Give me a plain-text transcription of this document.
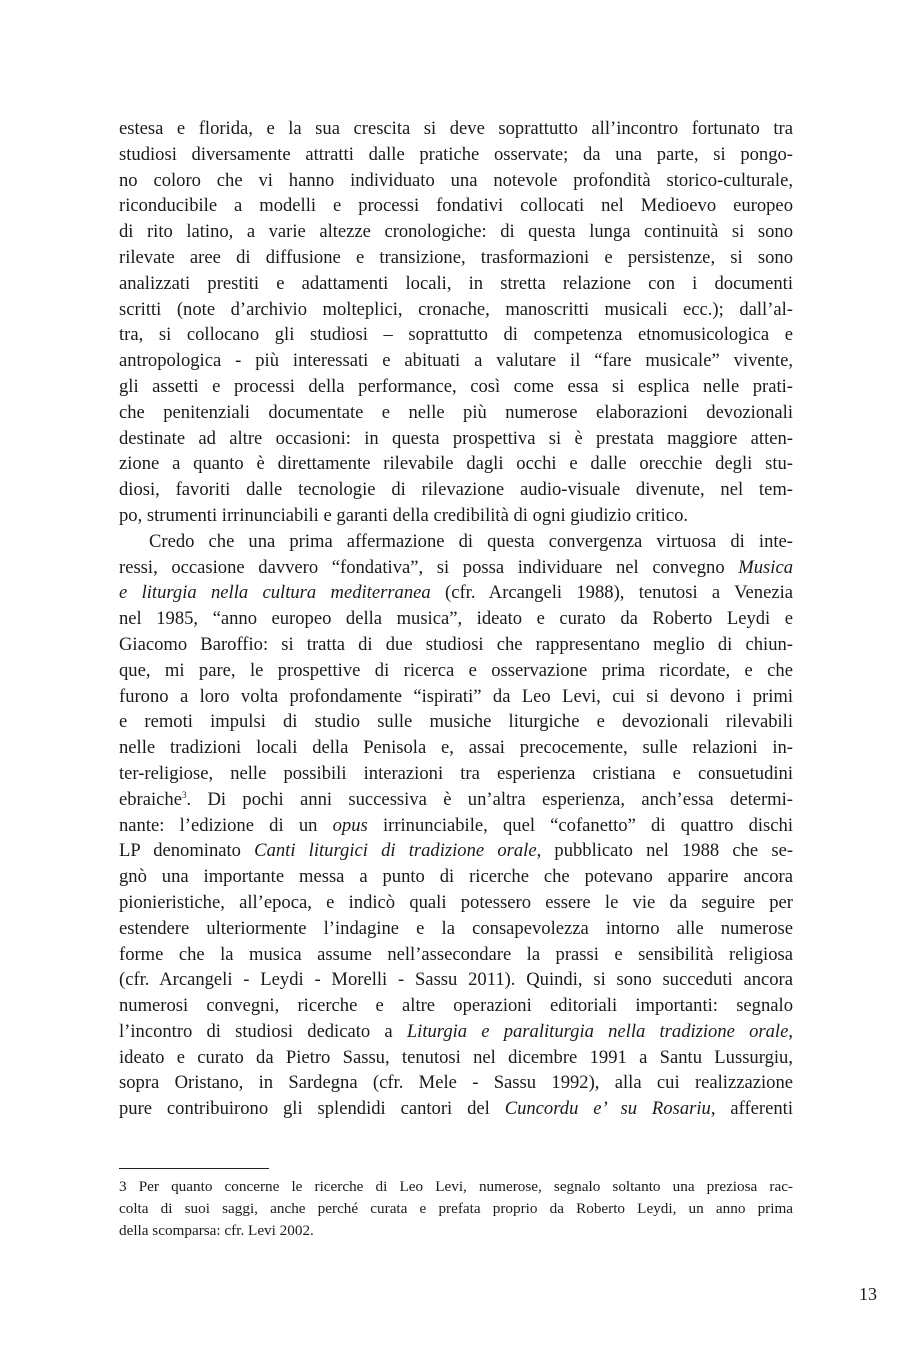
estesa e florida, e la sua crescita si deve soprattutto all’incontro fortunato tra
studiosi diversamente attratti dalle pratiche osservate; da una parte, si pongo-
no coloro che vi hanno individuato una notevole profondità storico-culturale,
riconducibile a modelli e processi fondativi collocati nel Medioevo europeo
di rito latino, a varie altezze cronologiche: di questa lunga continuità si sono
rilevate aree di diffusione e transizione, trasformazioni e persistenze, si sono
analizzati prestiti e adattamenti locali, in stretta relazione con i documenti
scritti (note d’archivio molteplici, cronache, manoscritti musicali ecc.); dall’al-
tra, si collocano gli studiosi – soprattutto di competenza etnomusicologica e
antropologica - più interessati e abituati a valutare il “fare musicale” vivente,
gli assetti e processi della performance, così come essa si esplica nelle prati-
che penitenziali documentate e nelle più numerose elaborazioni devozionali
destinate ad altre occasioni: in questa prospettiva si è prestata maggiore atten-
zione a quanto è direttamente rilevabile dagli occhi e dalle orecchie degli stu-
diosi, favoriti dalle tecnologie di rilevazione audio-visuale divenute, nel tem-
po, strumenti irrinunciabili e garanti della credibilità di ogni giudizio critico.
Credo che una prima affermazione di questa convergenza virtuosa di inte-
ressi, occasione davvero “fondativa”, si possa individuare nel convegno Musica
e liturgia nella cultura mediterranea (cfr. Arcangeli 1988), tenutosi a Venezia
nel 1985, “anno europeo della musica”, ideato e curato da Roberto Leydi e
Giacomo Baroffio: si tratta di due studiosi che rappresentano meglio di chiun-
que, mi pare, le prospettive di ricerca e osservazione prima ricordate, e che
furono a loro volta profondamente “ispirati” da Leo Levi, cui si devono i primi
e remoti impulsi di studio sulle musiche liturgiche e devozionali rilevabili
nelle tradizioni locali della Penisola e, assai precocemente, sulle relazioni in-
ter-religiose, nelle possibili interazioni tra esperienza cristiana e consuetudini
ebraiche$^3$. Di pochi anni successiva è un’altra esperienza, anch’essa determi-
nante: l’edizione di un opus irrinunciabile, quel “cofanetto” di quattro dischi
LP denominato Canti liturgici di tradizione orale, pubblicato nel 1988 che se-
gnò una importante messa a punto di ricerche che potevano apparire ancora
pionieristiche, all’epoca, e indicò quali potessero essere le vie da seguire per
estendere ulteriormente l’indagine e la consapevolezza intorno alle numerose
forme che la musica assume nell’assecondare la prassi e sensibilità religiosa
(cfr. Arcangeli - Leydi - Morelli - Sassu 2011). Quindi, si sono succeduti ancora
numerosi convegni, ricerche e altre operazioni editoriali importanti: segnalo
l’incontro di studiosi dedicato a Liturgia e paraliturgia nella tradizione orale,
ideato e curato da Pietro Sassu, tenutosi nel dicembre 1991 a Santu Lussurgiu,
sopra Oristano, in Sardegna (cfr. Mele - Sassu 1992), alla cui realizzazione
pure contribuirono gli splendidi cantori del Cuncordu e’ su Rosariu, afferenti
3 Per quanto concerne le ricerche di Leo Levi, numerose, segnalo soltanto una preziosa rac-
colta di suoi saggi, anche perché curata e prefata proprio da Roberto Leydi, un anno prima
della scomparsa: cfr. Levi 2002.
13
